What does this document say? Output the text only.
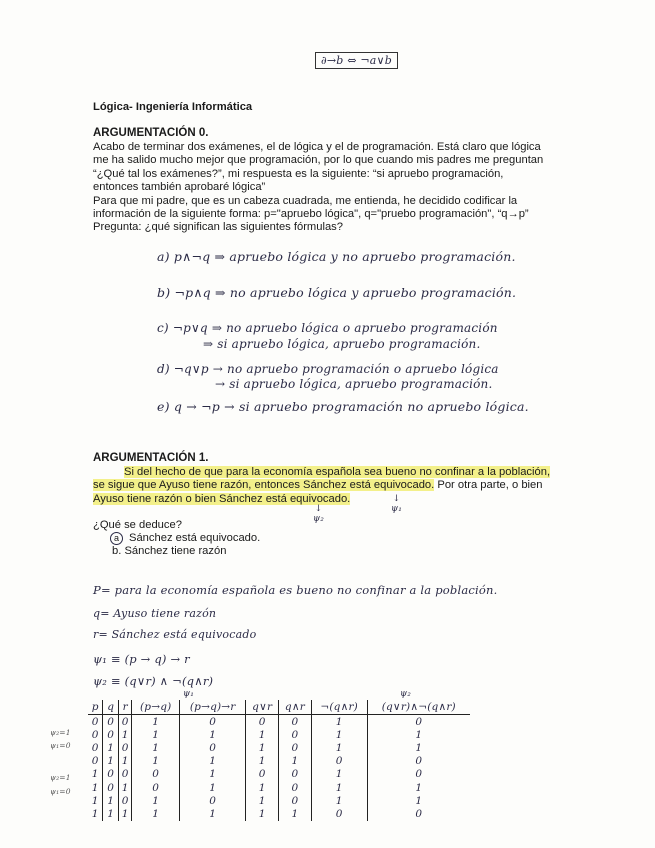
∂→b ⇔ ¬a∨b
Lógica- Ingeniería Informática
ARGUMENTACIÓN 0.
Acabo de terminar dos exámenes, el de lógica y el de programación. Está claro que lógica
me ha salido mucho mejor que programación, por lo que cuando mis padres me preguntan
“¿Qué tal los exámenes?”, mi respuesta es la siguiente: “si apruebo programación,
entonces también aprobaré lógica”
Para que mi padre, que es un cabeza cuadrada, me entienda, he decidido codificar la
información de la siguiente forma: p="apruebo lógica", q="pruebo programación", “q→p”
Pregunta: ¿qué significan las siguientes fórmulas?
a) p∧¬q ⇒ apruebo lógica y no apruebo programación.
b) ¬p∧q ⇒ no apruebo lógica y apruebo programación.
c) ¬p∨q ⇒ no apruebo lógica o apruebo programación
⇒ si apruebo lógica, apruebo programación.
d) ¬q∨p → no apruebo programación o apruebo lógica
→ si apruebo lógica, apruebo programación.
e) q → ¬p → si apruebo programación no apruebo lógica.
ARGUMENTACIÓN 1.
Si del hecho de que para la economía española sea bueno no confinar a la población,
se sigue que Ayuso tiene razón, entonces Sánchez está equivocado. Por otra parte, o bien
Ayuso tiene razón o bien Sánchez está equivocado.
↓
ψ₂
↓
ψ₁
¿Qué se deduce?
a Sánchez está equivocado.
b. Sánchez tiene razón
P= para la economía española es bueno no confinar a la población.
q= Ayuso tiene razón
r= Sánchez está equivocado
ψ₁ ≡ (p → q) → r
ψ₂ ≡ (q∨r) ∧ ¬(q∧r)
ψ₁	ψ₂
ψ₂=1
ψ₁=0
ψ₂=1
ψ₁=0
p	q	r	(p→q)	(p→q)→r	q∨r	q∧r	¬(q∧r)	(q∨r)∧¬(q∧r)
0	0	0	1	0	0	0	1	0
0	0	1	1	1	1	0	1	1
0	1	0	1	0	1	0	1	1
0	1	1	1	1	1	1	0	0
1	0	0	0	1	0	0	1	0
1	0	1	0	1	1	0	1	1
1	1	0	1	0	1	0	1	1
1	1	1	1	1	1	1	0	0
